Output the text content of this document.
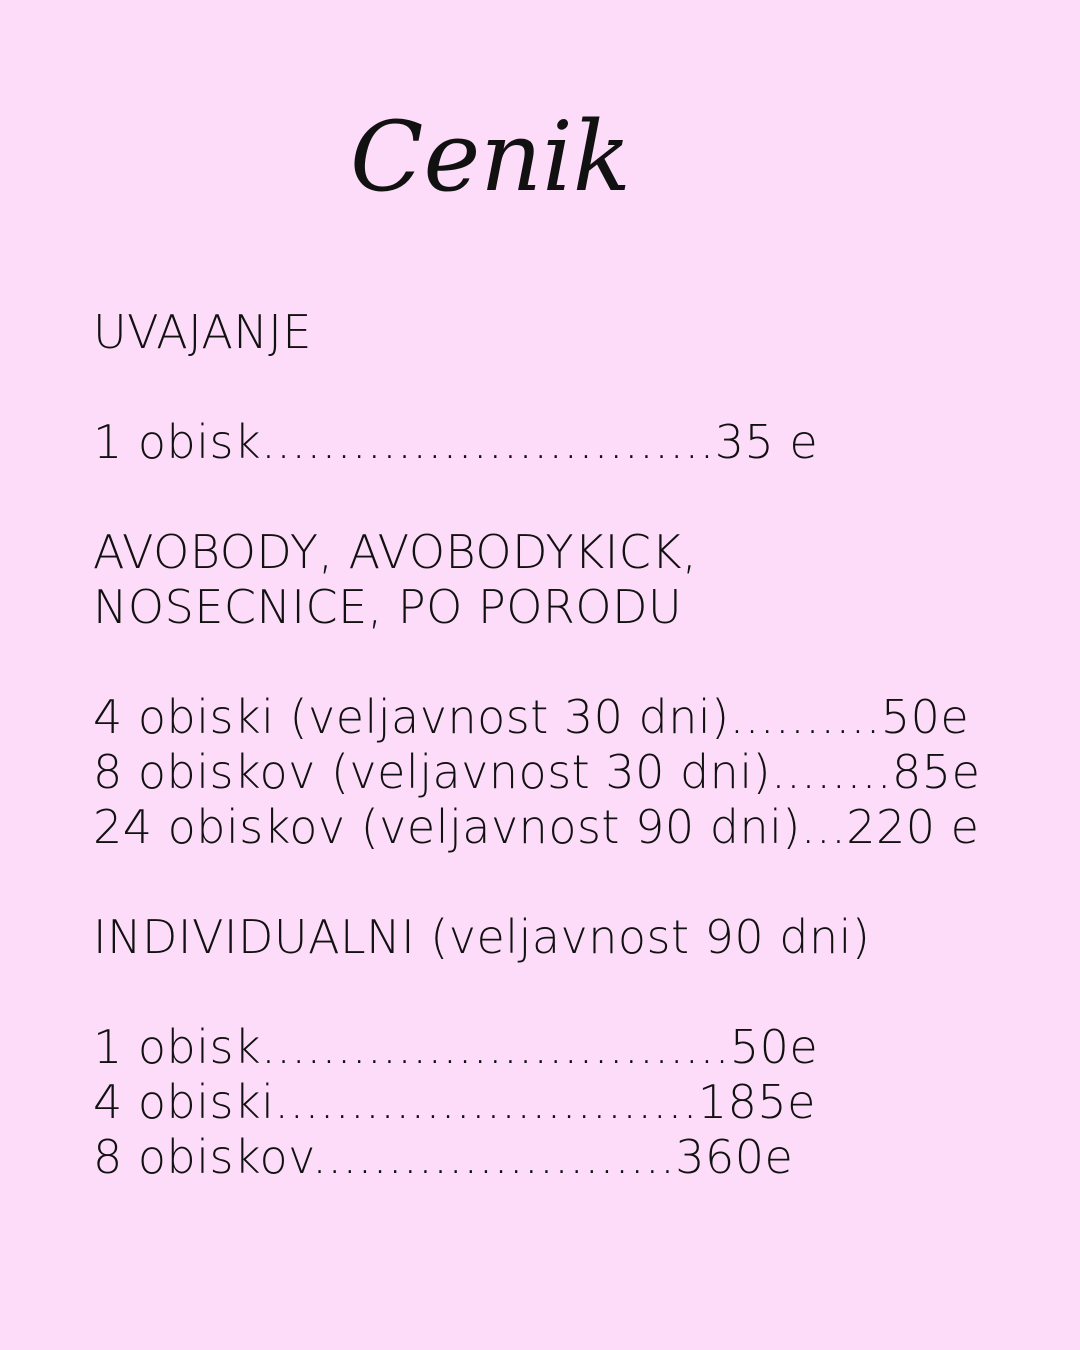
Cenik
UVAJANJE
1 obisk..............................35 e
AVOBODY, AVOBODYKICK,
NOSECNICE, PO PORODU
4 obiski (veljavnost 30 dni)..........50e
8 obiskov (veljavnost 30 dni)........85e
24 obiskov (veljavnost 90 dni)...220 e
INDIVIDUALNI (veljavnost 90 dni)
1 obisk...............................50e
4 obiski............................185e
8 obiskov........................360e
